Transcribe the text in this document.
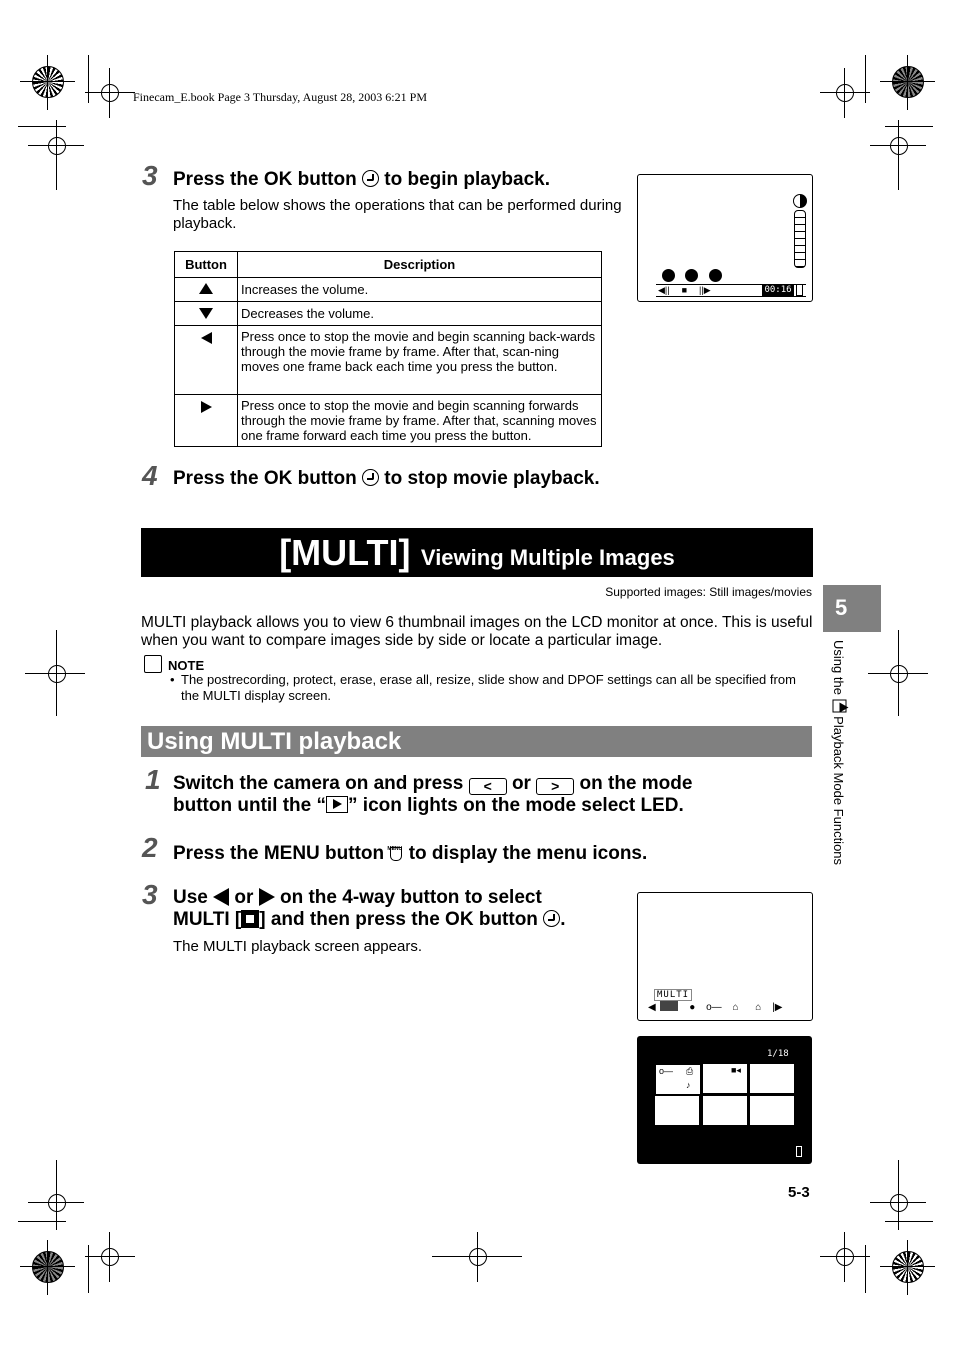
Finecam_E.book Page 3 Thursday, August 28, 2003 6:21 PM
3 Press the OK button to begin playback.
The table below shows the operations that can be performed during playback.
Button	Description

	Increases the volume.

	Decreases the volume.

	Press once to stop the movie and begin scanning back-wards through the movie frame by frame. After that, scan-ning moves one frame back each time you press the button.

	Press once to stop the movie and begin scanning forwards through the movie frame by frame. After that, scanning moves one frame forward each time you press the button.
◀|| ■ ||▶	00:16
4 Press the OK button to stop movie playback.
[MULTI] Viewing Multiple Images
Supported images: Still images/movies
MULTI playback allows you to view 6 thumbnail images on the LCD monitor at once. This is useful when you want to compare images side by side or locate a particular image.
NOTE
• The postrecording, protect, erase, erase all, resize, slide show and DPOF settings can all be specified from the MULTI display screen.
Using MULTI playback
1 Switch the camera on and press < or > on the mode
button until the “ ” icon lights on the mode select LED.
2 Press the MENU button MENU to display the menu icons.
3 Use or on the 4-way button to select
MULTI [ ] and then press the OK button .
The MULTI playback screen appears.
MULTI
◀	● o— ⌂ ⌂ |▶
1/18
o— ⎙
♪
■◂
5
Using the  Playback Mode Functions
5-3
